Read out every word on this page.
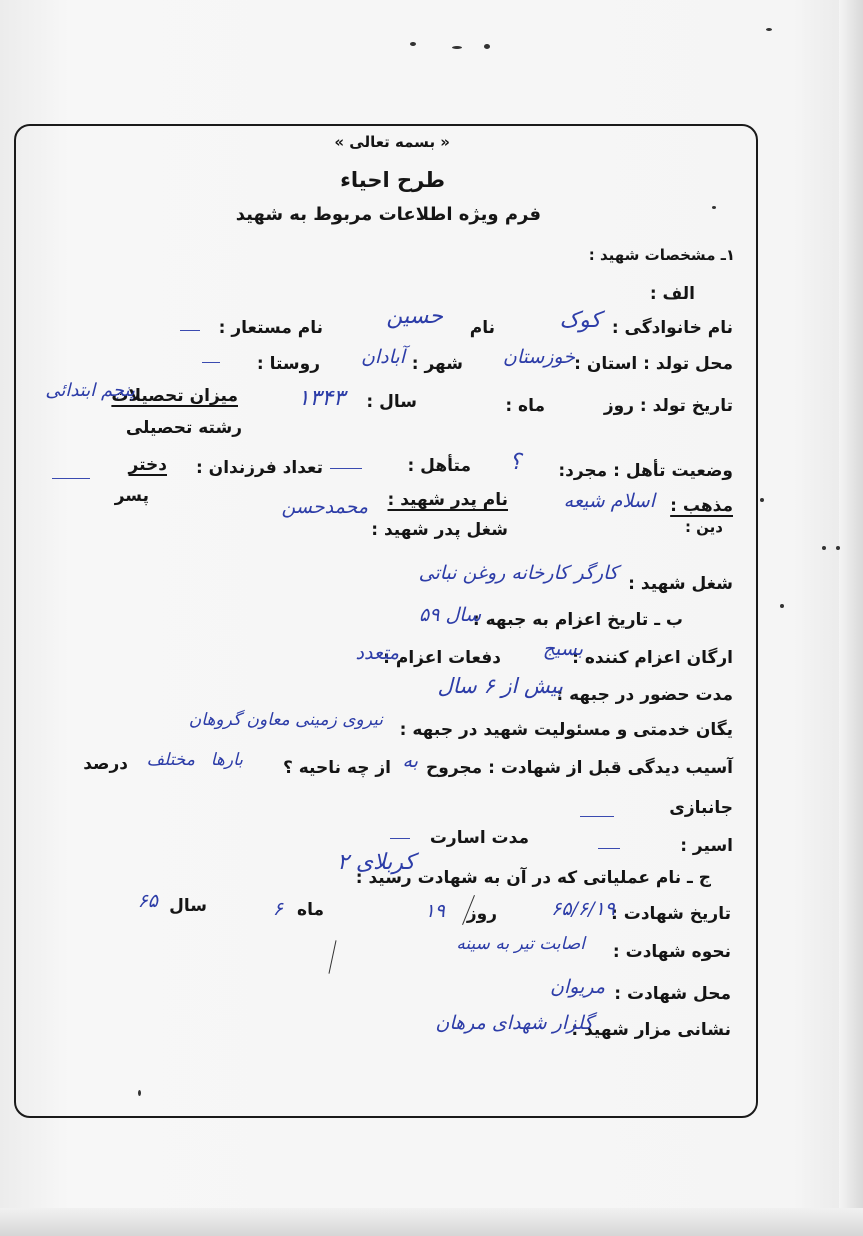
« بسمه تعالی »
طرح احیاء
فرم ویژه اطلاعات مربوط به شهید
۱ـ مشخصات شهید :
الف :
نام خانوادگی :
کوک
نام
حسین
نام مستعار :
محل تولد : استان :
خوزستان
شهر :
آبادان
روستا :
تاریخ تولد : روز
ماه :
سال :
۱۳۴۳
میزان تحصیلات
پنجم ابتدائی
رشته تحصیلی
وضعیت تأهل : مجرد:
؟
متأهل :
تعداد فرزندان :
دختر
پسر	مذهب :
اسلام شیعه
دین :
نام پدر شهید :
محمدحسن
شغل پدر شهید :
شغل شهید :
کارگر کارخانه روغن نباتی
ب ـ تاریخ اعزام به جبهه :
سال ۵۹
ارگان اعزام کننده :
بسیج
دفعات اعزام :
متعدد
مدت حضور در جبهه :
بیش از ۶ سال
یگان خدمتی و مسئولیت شهید در جبهه :
نیروی زمینی معاون گروهان
آسیب دیدگی قبل از شهادت : مجروح
به
از چه ناحیه ؟
بارها
مختلف
درصد
جانبازی
اسیر :
مدت اسارت
ج ـ نام عملیاتی که در آن به شهادت رسید :
کربلای ۲
تاریخ شهادت :
۶۵/۶/۱۹
روز
۱۹
ماه
۶
سال
۶۵
نحوه شهادت :
اصابت تیر به سینه
محل شهادت :
مریوان
نشانی مزار شهید :
گلزار شهدای مرهان
